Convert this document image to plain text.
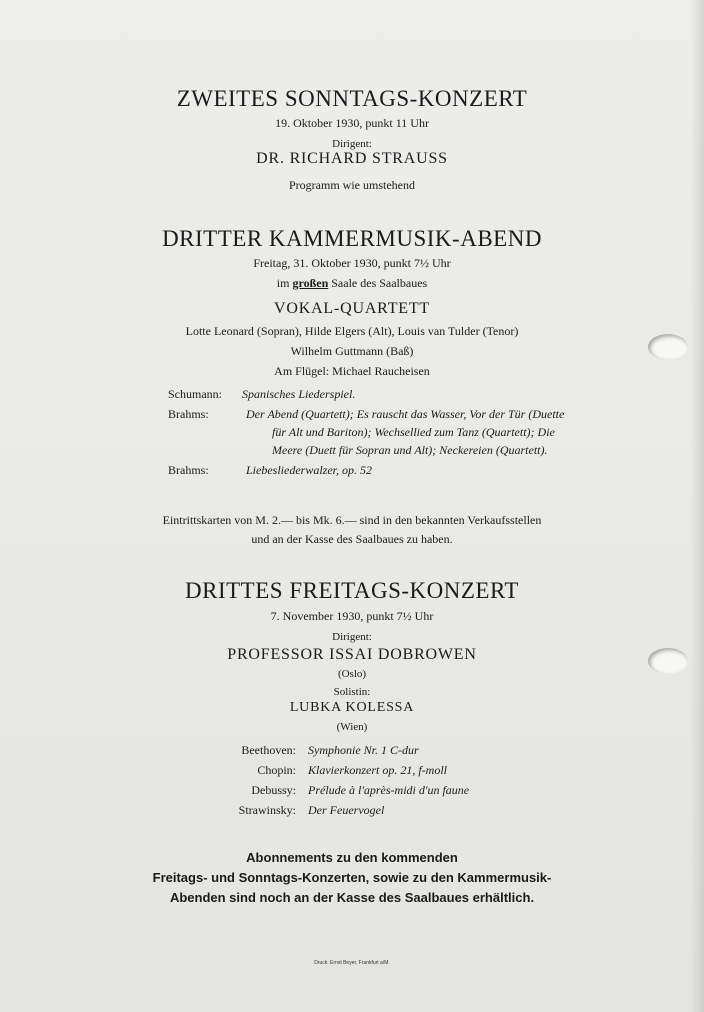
ZWEITES SONNTAGS-KONZERT
19. Oktober 1930, punkt 11 Uhr
Dirigent:
DR. RICHARD STRAUSS
Programm wie umstehend
DRITTER KAMMERMUSIK-ABEND
Freitag, 31. Oktober 1930, punkt 7½ Uhr
im großen Saale des Saalbaues
VOKAL-QUARTETT
Lotte Leonard (Sopran), Hilde Elgers (Alt), Louis van Tulder (Tenor)
Wilhelm Guttmann (Baß)
Am Flügel: Michael Raucheisen
Schumann: Spanisches Liederspiel.
Brahms:	Der Abend (Quartett); Es rauscht das Wasser, Vor der Tür (Duette
für Alt und Bariton); Wechsellied zum Tanz (Quartett); Die
Meere (Duett für Sopran und Alt); Neckereien (Quartett).
Brahms:	Liebesliederwalzer, op. 52
Eintrittskarten von M. 2.— bis Mk. 6.— sind in den bekannten Verkaufsstellen
und an der Kasse des Saalbaues zu haben.
DRITTES FREITAGS-KONZERT
7. November 1930, punkt 7½ Uhr
Dirigent:
PROFESSOR ISSAI DOBROWEN
(Oslo)
Solistin:
LUBKA KOLESSA
(Wien)
Beethoven: Symphonie Nr. 1 C-dur
Chopin: Klavierkonzert op. 21, f-moll
Debussy: Prélude à l'après-midi d'un faune
Strawinsky: Der Feuervogel
Abonnements zu den kommenden
Freitags- und Sonntags-Konzerten, sowie zu den Kammermusik-
Abenden sind noch an der Kasse des Saalbaues erhältlich.
Druck: Ernst Beyer, Frankfurt a/M.
